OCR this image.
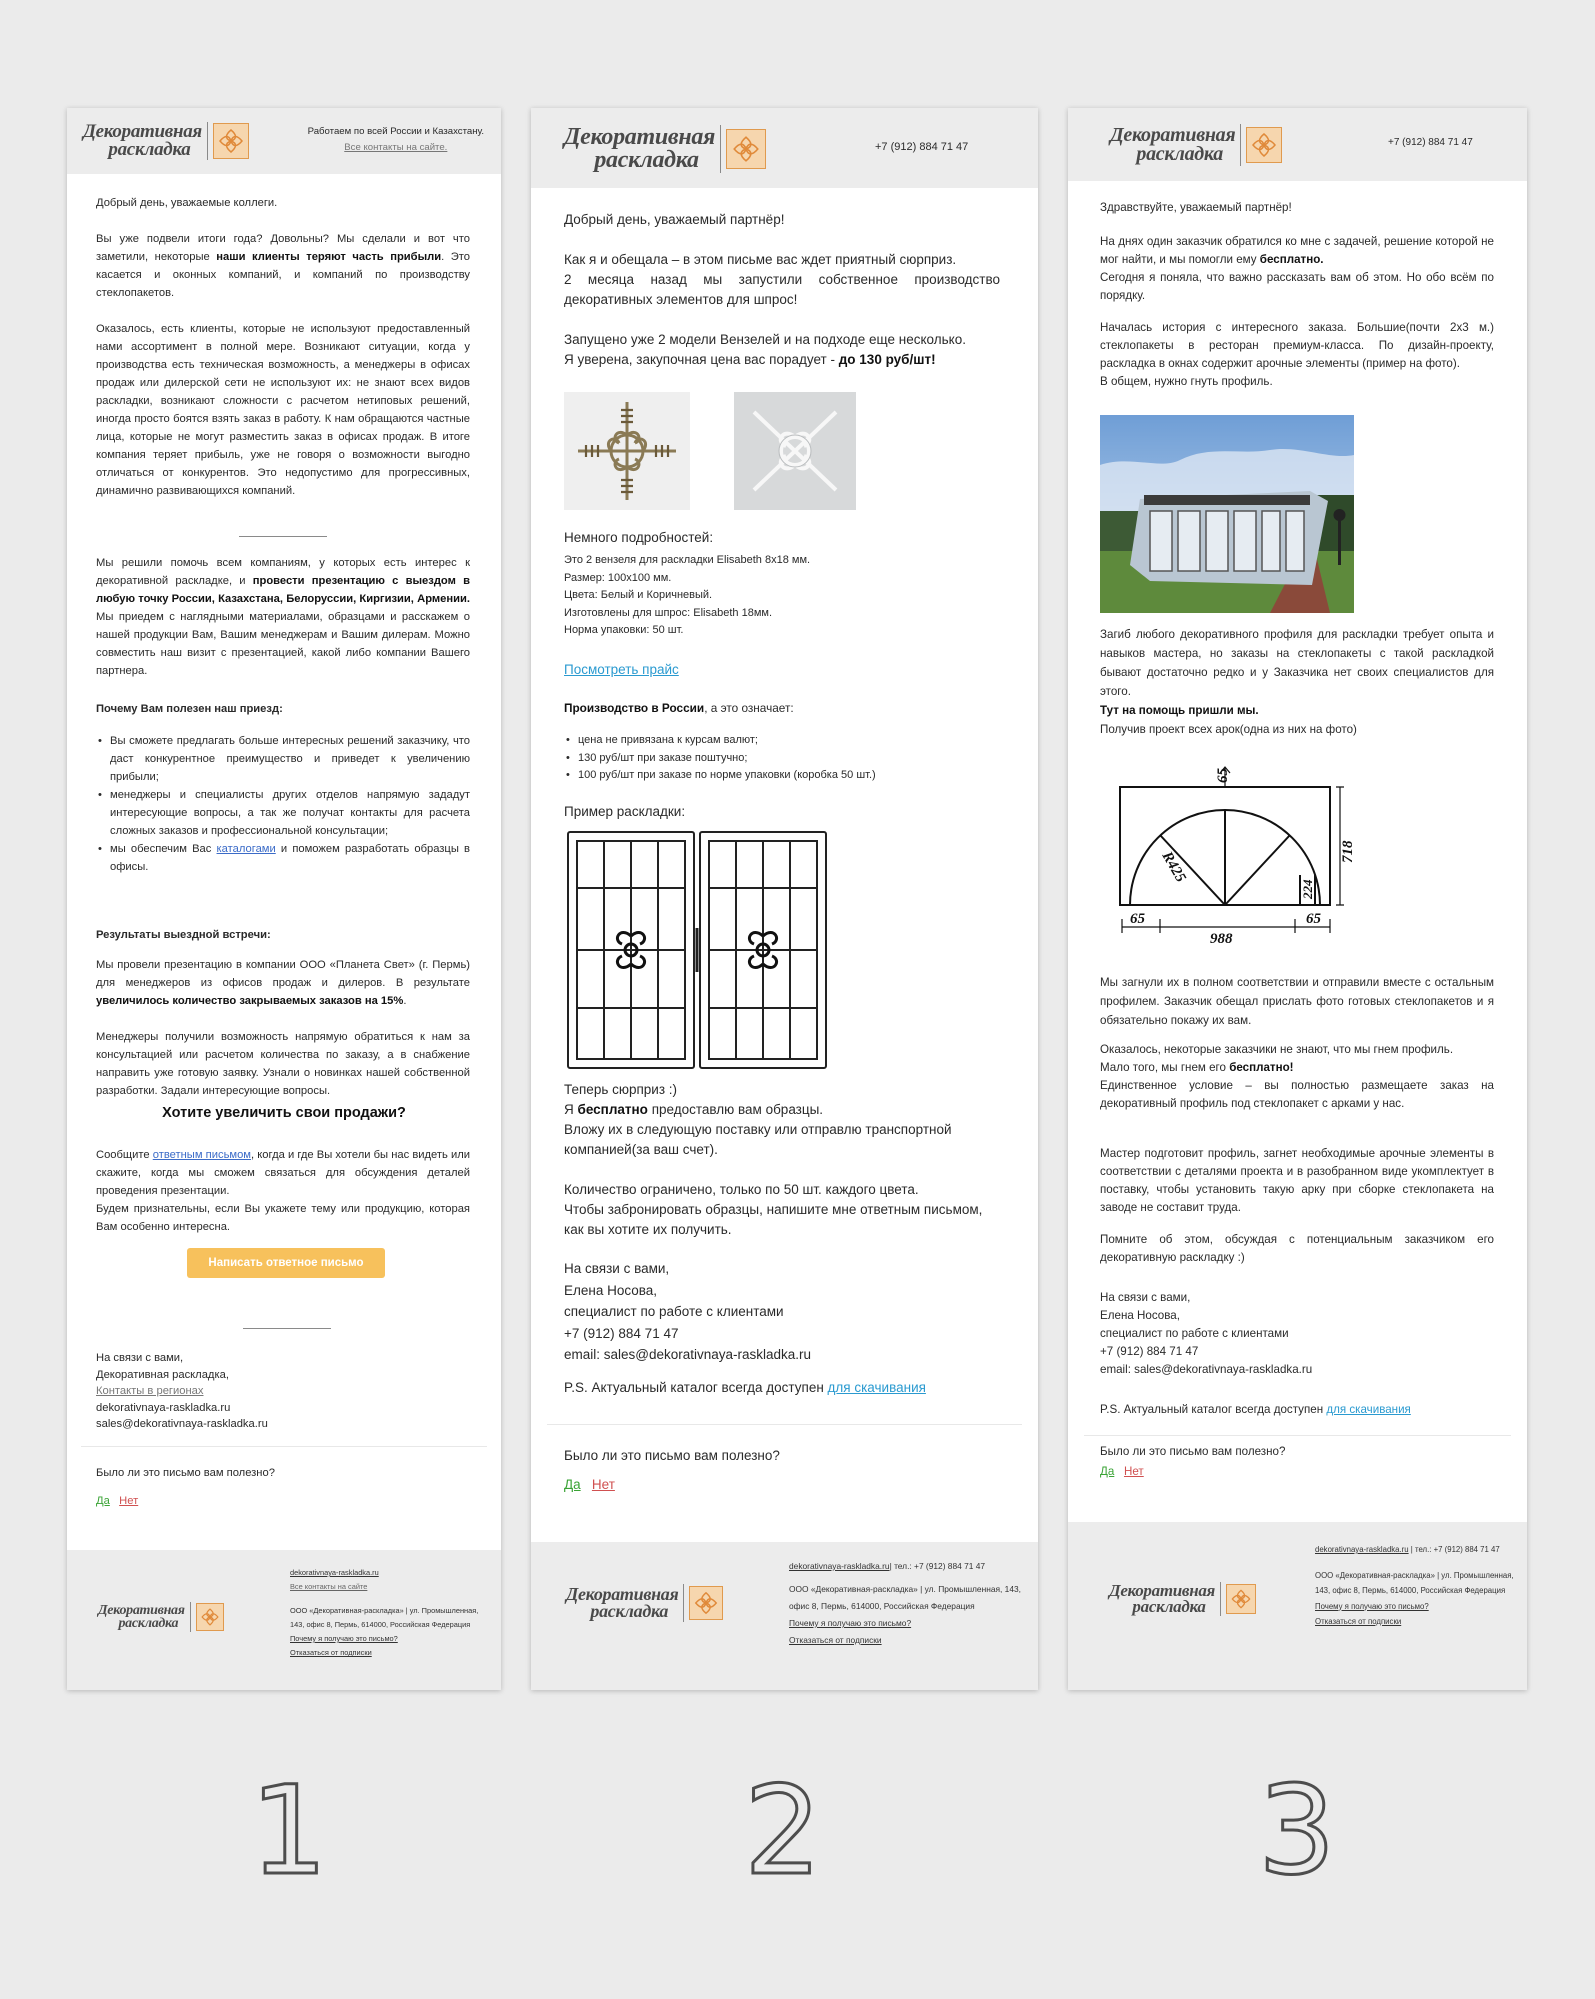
Декоративная
раскладка
Работаем по всей России и Казахстану.
Все контакты на сайте.
Добрый день, уважаемые коллеги.
Вы уже подвели итоги года? Довольны? Мы сделали и вот что заметили, некоторые наши клиенты теряют часть прибыли. Это касается и оконных компаний, и компаний по производству стеклопакетов.
Оказалось, есть клиенты, которые не используют предоставленный нами ассортимент в полной мере. Возникают ситуации, когда у производства есть техническая возможность, а менеджеры в офисах продаж или дилерской сети не используют их: не знают всех видов раскладки, возникают сложности с расчетом нетиповых решений, иногда просто боятся взять заказ в работу. К нам обращаются частные лица, которые не могут разместить заказ в офисах продаж. В итоге компания теряет прибыль, уже не говоря о возможности выгодно отличаться от конкурентов. Это недопустимо для прогрессивных, динамично развивающихся компаний.
Мы решили помочь всем компаниям, у которых есть интерес к декоративной раскладке, и провести презентацию с выездом в любую точку России, Казахстана, Белоруссии, Киргизии, Армении. Мы приедем с наглядными материалами, образцами и расскажем о нашей продукции Вам, Вашим менеджерам и Вашим дилерам. Можно совместить наш визит с презентацией, какой либо компании Вашего партнера.
Почему Вам полезен наш приезд:
• Вы сможете предлагать больше интересных решений заказчику, что даст конкурентное преимущество и приведет к увеличению прибыли;
• менеджеры и специалисты других отделов напрямую зададут интересующие вопросы, а так же получат контакты для расчета сложных заказов и профессиональной консультации;
• мы обеспечим Вас каталогами и поможем разработать образцы в офисы.
Результаты выездной встречи:
Мы провели презентацию в компании ООО «Планета Свет» (г. Пермь) для менеджеров из офисов продаж и дилеров. В результате увеличилось количество закрываемых заказов на 15%.
Менеджеры получили возможность напрямую обратиться к нам за консультацией или расчетом количества по заказу, а в снабжение направить уже готовую заявку. Узнали о новинках нашей собственной разработки. Задали интересующие вопросы.
Хотите увеличить свои продажи?
Сообщите ответным письмом, когда и где Вы хотели бы нас видеть или скажите, когда мы сможем связаться для обсуждения деталей проведения презентации.
Будем признательны, если Вы укажете тему или продукцию, которая Вам особенно интересна.
Написать ответное письмо
На связи с вами,
Декоративная раскладка,
Контакты в регионах
dekorativnaya-raskladka.ru
sales@dekorativnaya-raskladka.ru
Было ли это письмо вам полезно?
Да Нет
Декоративная
раскладка
dekorativnaya-raskladka.ru
Все контакты на сайте
ООО «Декоративная-раскладка» | ул. Промышленная, 143, офис 8, Пермь, 614000, Российская Федерация
Почему я получаю это письмо?
Отказаться от подписки
Декоративная
раскладка	+7 (912) 884 71 47
Добрый день, уважаемый партнёр!
Как я и обещала – в этом письме вас ждет приятный сюрприз.
2 месяца назад мы запустили собственное производство декоративных элементов для шпрос!
Запущено уже 2 модели Вензелей и на подходе еще несколько.
Я уверена, закупочная цена вас порадует - до 130 руб/шт!
Немного подробностей:
Это 2 вензеля для раскладки Elisabeth 8х18 мм.
Размер: 100х100 мм.
Цвета: Белый и Коричневый.
Изготовлены для шпрос: Elisabeth 18мм.
Норма упаковки: 50 шт.
Посмотреть прайс
Производство в России, а это означает:
• цена не привязана к курсам валют;
• 130 руб/шт при заказе поштучно;
• 100 руб/шт при заказе по норме упаковки (коробка 50 шт.)
Пример раскладки:
Теперь сюрприз :)
Я бесплатно предоставлю вам образцы.
Вложу их в следующую поставку или отправлю транспортной компанией(за ваш счет).
Количество ограничено, только по 50 шт. каждого цвета.
Чтобы забронировать образцы, напишите мне ответным письмом, как вы хотите их получить.
На связи с вами,
Елена Носова,
специалист по работе с клиентами
+7 (912) 884 71 47
email: sales@dekorativnaya-raskladka.ru
P.S. Актуальный каталог всегда доступен для скачивания
Было ли это письмо вам полезно?
Да Нет
Декоративная
раскладка
dekorativnaya-raskladka.ru| тел.: +7 (912) 884 71 47
ООО «Декоративная-раскладка» | ул. Промышленная, 143, офис 8, Пермь, 614000, Российская Федерация
Почему я получаю это письмо?
Отказаться от подписки
Декоративная
раскладка
+7 (912) 884 71 47
Здравствуйте, уважаемый партнёр!
На днях один заказчик обратился ко мне с задачей, решение которой не мог найти, и мы помогли ему бесплатно.
Сегодня я поняла, что важно рассказать вам об этом. Но обо всём по порядку.
Началась история с интересного заказа. Большие(почти 2х3 м.) стеклопакеты в ресторан премиум-класса. По дизайн-проекту, раскладка в окнах содержит арочные элементы (пример на фото).
В общем, нужно гнуть профиль.
Загиб любого декоративного профиля для раскладки требует опыта и навыков мастера, но заказы на стеклопакеты с такой раскладкой бывают достаточно редко и у Заказчика нет своих специалистов для этого.
Тут на помощь пришли мы.
Получив проект всех арок(одна из них на фото)
65
R425	718
224
65
988
65
Мы загнули их в полном соответствии и отправили вместе с остальным профилем. Заказчик обещал прислать фото готовых стеклопакетов и я обязательно покажу их вам.
Оказалось, некоторые заказчики не знают, что мы гнем профиль.
Мало того, мы гнем его бесплатно!
Единственное условие – вы полностью размещаете заказ на декоративный профиль под стеклопакет с арками у нас.
Мастер подготовит профиль, загнет необходимые арочные элементы в соответствии с деталями проекта и в разобранном виде укомплектует в поставку, чтобы установить такую арку при сборке стеклопакета на заводе не составит труда.
Помните об этом, обсуждая с потенциальным заказчиком его декоративную раскладку :)
На связи с вами,
Елена Носова,
специалист по работе с клиентами
+7 (912) 884 71 47
email: sales@dekorativnaya-raskladka.ru
P.S. Актуальный каталог всегда доступен для скачивания
Было ли это письмо вам полезно?
Да Нет
Декоративная
раскладка
dekorativnaya-raskladka.ru | тел.: +7 (912) 884 71 47
ООО «Декоративная-раскладка» | ул. Промышленная, 143, офис 8, Пермь, 614000, Российская Федерация
Почему я получаю это письмо?
Отказаться от подписки
1	2	3
